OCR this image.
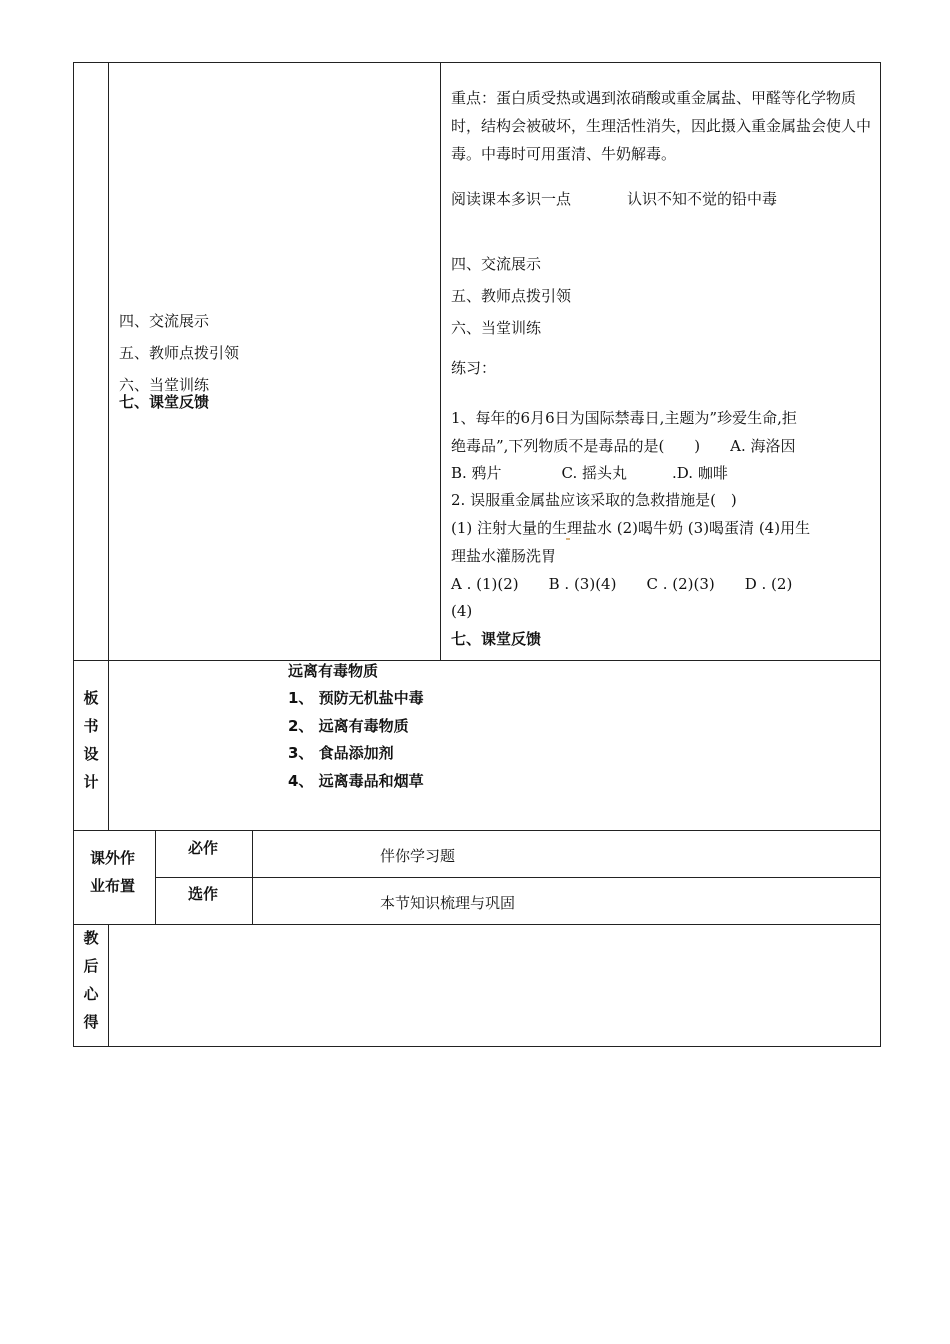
四、交流展示
五、教师点拨引领
六、当堂训练
七、课堂反馈
重点：蛋白质受热或遇到浓硝酸或重金属盐、甲醛等化学物质时，结构会被破坏，生理活性消失，因此摄入重金属盐会使人中毒。中毒时可用蛋清、牛奶解毒。
阅读课本多识一点	认识不知不觉的铅中毒
四、交流展示
五、教师点拨引领
六、当堂训练
练习：
1、每年的6月6日为国际禁毒日,主题为”珍爱生命,拒
绝毒品”,下列物质不是毒品的是(　　)　　A. 海洛因
B. 鸦片　　　　C. 摇头丸　　　.D. 咖啡
2. 误服重金属盐应该采取的急救措施是(　)
(1) 注射大量的生理盐水 (2)喝牛奶 (3)喝蛋清 (4)用生
理盐水灌肠洗胃
A . (1)(2)　　B . (3)(4)　　C . (2)(3)　　D . (2)
(4)
七、课堂反馈
板
书
设
计
远离有毒物质
1、 预防无机盐中毒
2、 远离有毒物质
3、 食品添加剂
4、 远离毒品和烟草
课外作
业布置
必作	伴你学习题
选作	本节知识梳理与巩固
教
后
心
得
